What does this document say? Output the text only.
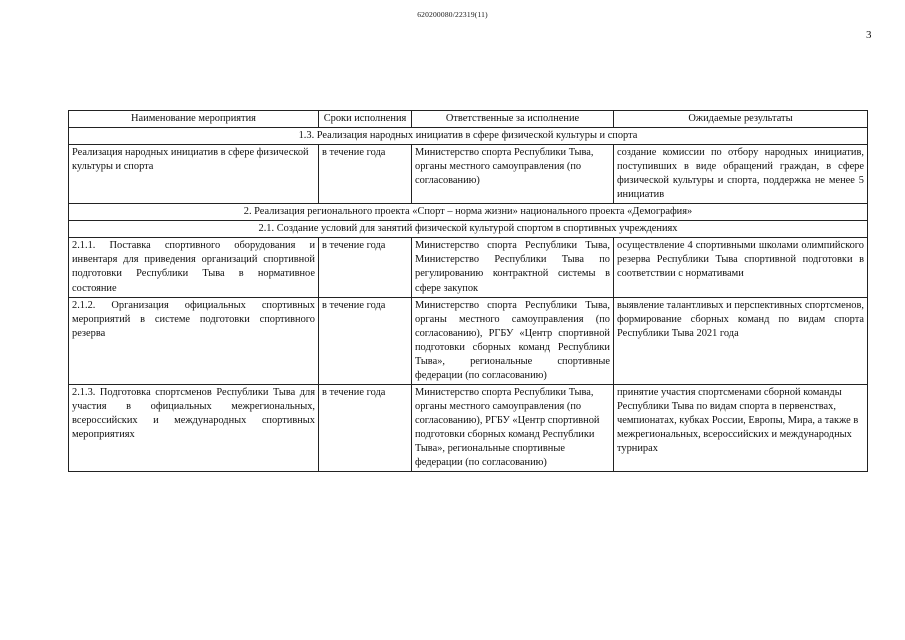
620200080/22319(11)
3
Наименование мероприятия	Сроки исполнения	Ответственные за исполнение	Ожидаемые результаты
1.3. Реализация народных инициатив в сфере физической культуры и спорта			
Реализация народных инициатив в сфере физической культуры и спорта	в течение года	Министерство спорта Республики Тыва, органы местного самоуправления (по согласованию)	создание комиссии по отбору народных инициатив, поступивших в виде обращений граждан, в сфере физической культуры и спорта, поддержка не менее 5 инициатив
2. Реализация регионального проекта «Спорт – норма жизни» национального проекта «Демография»			
2.1. Создание условий для занятий физической культурой спортом в спортивных учреждениях			
2.1.1. Поставка спортивного оборудования и инвентаря для приведения организаций спортивной подготовки Республики Тыва в нормативное состояние	в течение года	Министерство спорта Республики Тыва, Министерство Республики Тыва по регулированию контрактной системы в сфере закупок	осуществление 4 спортивными школами олимпийского резерва Республики Тыва спортивной подготовки в соответствии с нормативами
2.1.2. Организация официальных спортивных мероприятий в системе подготовки спортивного резерва	в течение года	Министерство спорта Республики Тыва, органы местного самоуправления (по согласованию), РГБУ «Центр спортивной подготовки сборных команд Республики Тыва», региональные спортивные федерации (по согласованию)	выявление талантливых и перспективных спортсменов, формирование сборных команд по видам спорта Республики Тыва 2021 года
2.1.3. Подготовка спортсменов Республики Тыва для участия в официальных межрегиональных, всероссийских и международных спортивных мероприятиях	в течение года	Министерство спорта Республики Тыва, органы местного самоуправления (по согласованию), РГБУ «Центр спортивной подготовки сборных команд Республики Тыва», региональные спортивные федерации (по согласованию)	принятие участия спортсменами сборной команды Республики Тыва по видам спорта в первенствах, чемпионатах, кубках России, Европы, Мира, а также в межрегиональных, всероссийских и международных турнирах
